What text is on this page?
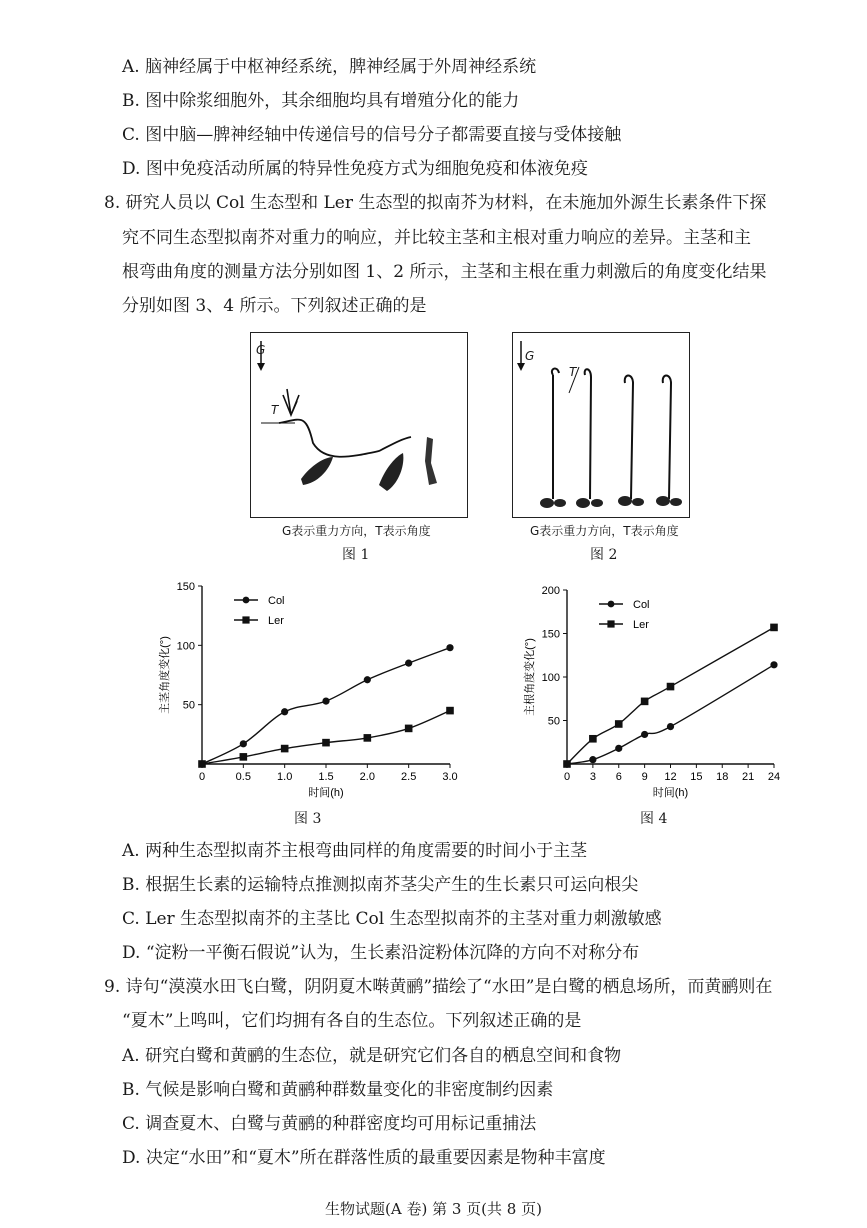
A. 脑神经属于中枢神经系统，脾神经属于外周神经系统
B. 图中除浆细胞外，其余细胞均具有增殖分化的能力
C. 图中脑—脾神经轴中传递信号的信号分子都需要直接与受体接触
D. 图中免疫活动所属的特异性免疫方式为细胞免疫和体液免疫
8. 研究人员以 Col 生态型和 Ler 生态型的拟南芥为材料，在未施加外源生长素条件下探
究不同生态型拟南芥对重力的响应，并比较主茎和主根对重力响应的差异。主茎和主
根弯曲角度的测量方法分别如图 1、2 所示，主茎和主根在重力刺激后的角度变化结果
分别如图 3、4 所示。下列叙述正确的是
G
T
G表示重力方向，T表示角度
图 1
G
T
G表示重力方向，T表示角度
图 2
0	0.5 1.0 1.5 2.0 2.5 3.0
50
100
150
时间(h)
主茎角度变化(°)
Col
Ler
图 3
0 3 6 9 12 15 18 21 24
50
100
150
200
时间(h)
主根角度变化(°)
Col
Ler
图 4
A. 两种生态型拟南芥主根弯曲同样的角度需要的时间小于主茎
B. 根据生长素的运输特点推测拟南芥茎尖产生的生长素只可运向根尖
C. Ler 生态型拟南芥的主茎比 Col 生态型拟南芥的主茎对重力刺激敏感
D. “淀粉一平衡石假说”认为，生长素沿淀粉体沉降的方向不对称分布
9. 诗句“漠漠水田飞白鹭，阴阴夏木啭黄鹂”描绘了“水田”是白鹭的栖息场所，而黄鹂则在
“夏木”上鸣叫，它们均拥有各自的生态位。下列叙述正确的是
A. 研究白鹭和黄鹂的生态位，就是研究它们各自的栖息空间和食物
B. 气候是影响白鹭和黄鹂种群数量变化的非密度制约因素
C. 调查夏木、白鹭与黄鹂的种群密度均可用标记重捕法
D. 决定“水田”和“夏木”所在群落性质的最重要因素是物种丰富度
生物试题(A 卷) 第 3 页(共 8 页)
